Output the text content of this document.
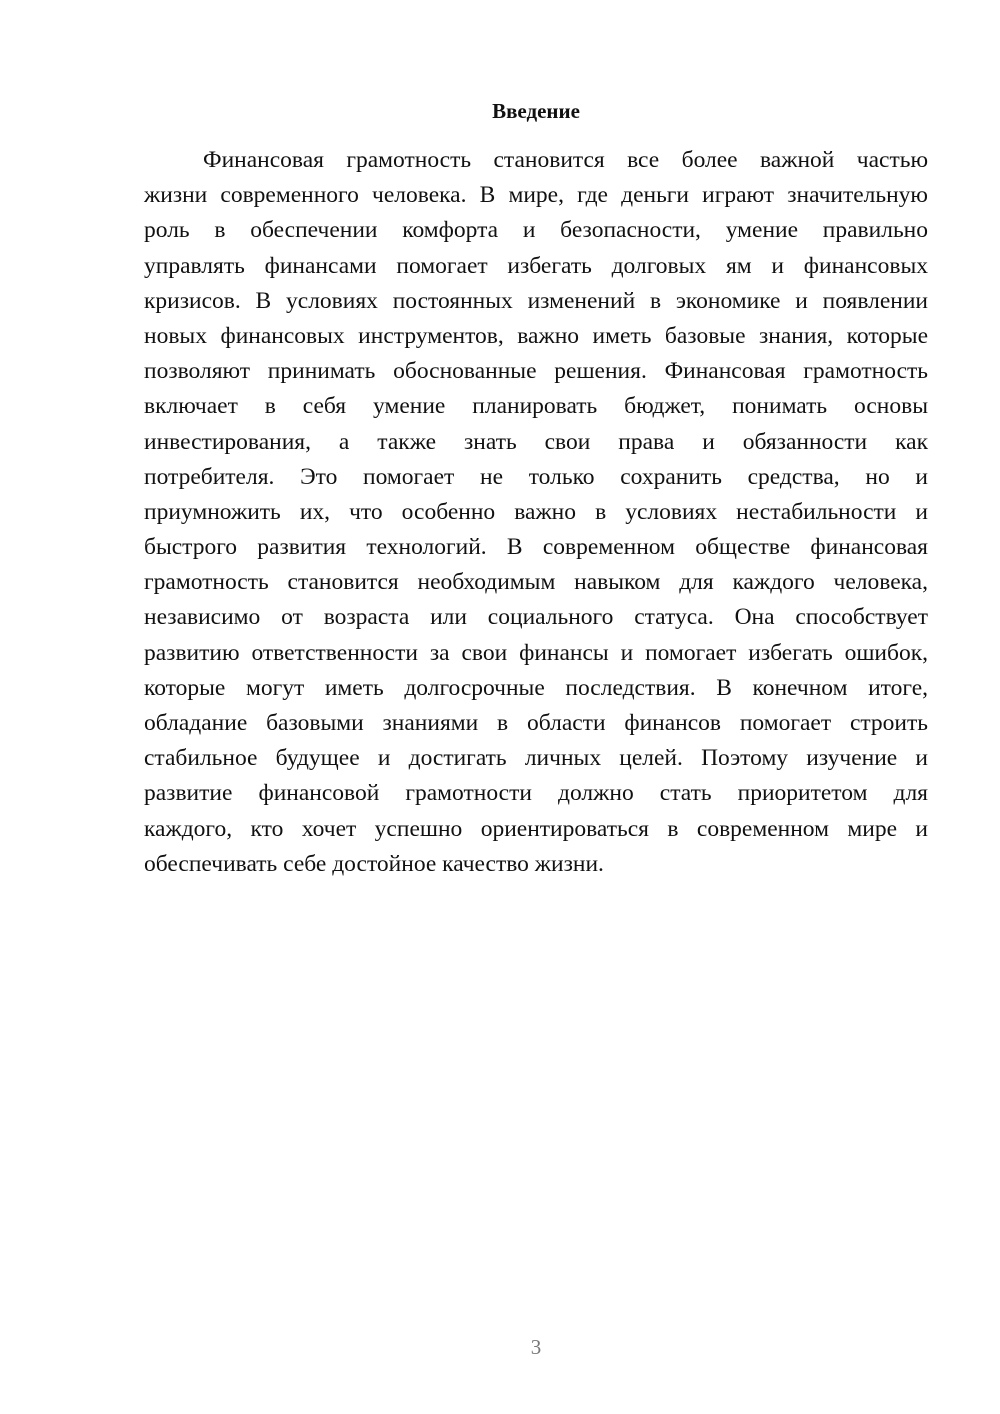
Введение
Финансовая грамотность становится все более важной частью
жизни современного человека. В мире, где деньги играют значительную
роль в обеспечении комфорта и безопасности, умение правильно
управлять финансами помогает избегать долговых ям и финансовых
кризисов. В условиях постоянных изменений в экономике и появлении
новых финансовых инструментов, важно иметь базовые знания, которые
позволяют принимать обоснованные решения. Финансовая грамотность
включает в себя умение планировать бюджет, понимать основы
инвестирования, а также знать свои права и обязанности как
потребителя. Это помогает не только сохранить средства, но и
приумножить их, что особенно важно в условиях нестабильности и
быстрого развития технологий. В современном обществе финансовая
грамотность становится необходимым навыком для каждого человека,
независимо от возраста или социального статуса. Она способствует
развитию ответственности за свои финансы и помогает избегать ошибок,
которые могут иметь долгосрочные последствия. В конечном итоге,
обладание базовыми знаниями в области финансов помогает строить
стабильное будущее и достигать личных целей. Поэтому изучение и
развитие финансовой грамотности должно стать приоритетом для
каждого, кто хочет успешно ориентироваться в современном мире и
обеспечивать себе достойное качество жизни.
3
